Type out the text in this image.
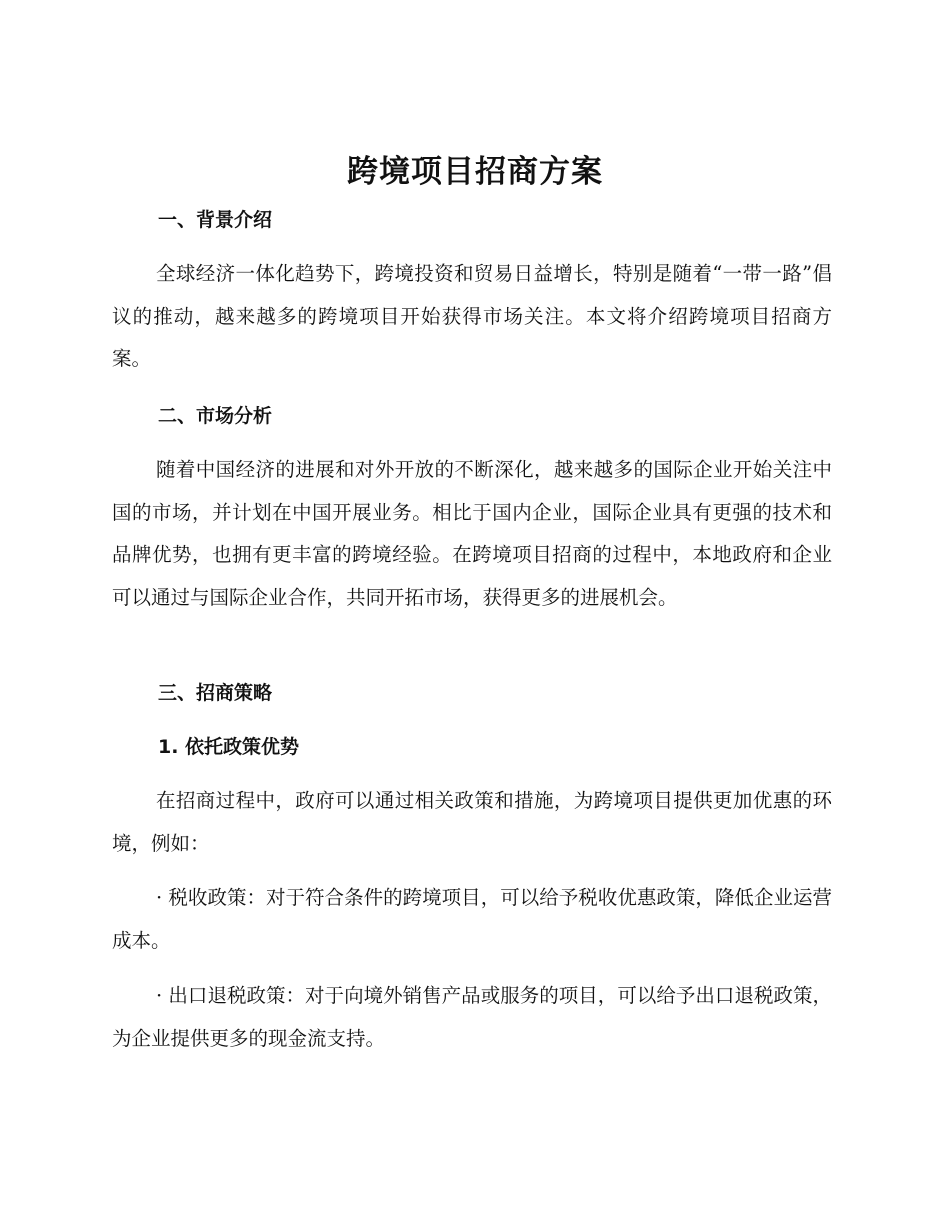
跨境项目招商方案
一、背景介绍

全球经济一体化趋势下，跨境投资和贸易日益增长，特别是随着“一带一路”倡议的推动，越来越多的跨境项目开始获得市场关注。本文将介绍跨境项目招商方案。

二、市场分析

随着中国经济的进展和对外开放的不断深化，越来越多的国际企业开始关注中国的市场，并计划在中国开展业务。相比于国内企业，国际企业具有更强的技术和品牌优势，也拥有更丰富的跨境经验。在跨境项目招商的过程中，本地政府和企业可以通过与国际企业合作，共同开拓市场，获得更多的进展机会。

三、招商策略
1. 依托政策优势

在招商过程中，政府可以通过相关政策和措施，为跨境项目提供更加优惠的环境，例如：

· 税收政策：对于符合条件的跨境项目，可以给予税收优惠政策，降低企业运营成本。

· 出口退税政策：对于向境外销售产品或服务的项目，可以给予出口退税政策，为企业提供更多的现金流支持。
